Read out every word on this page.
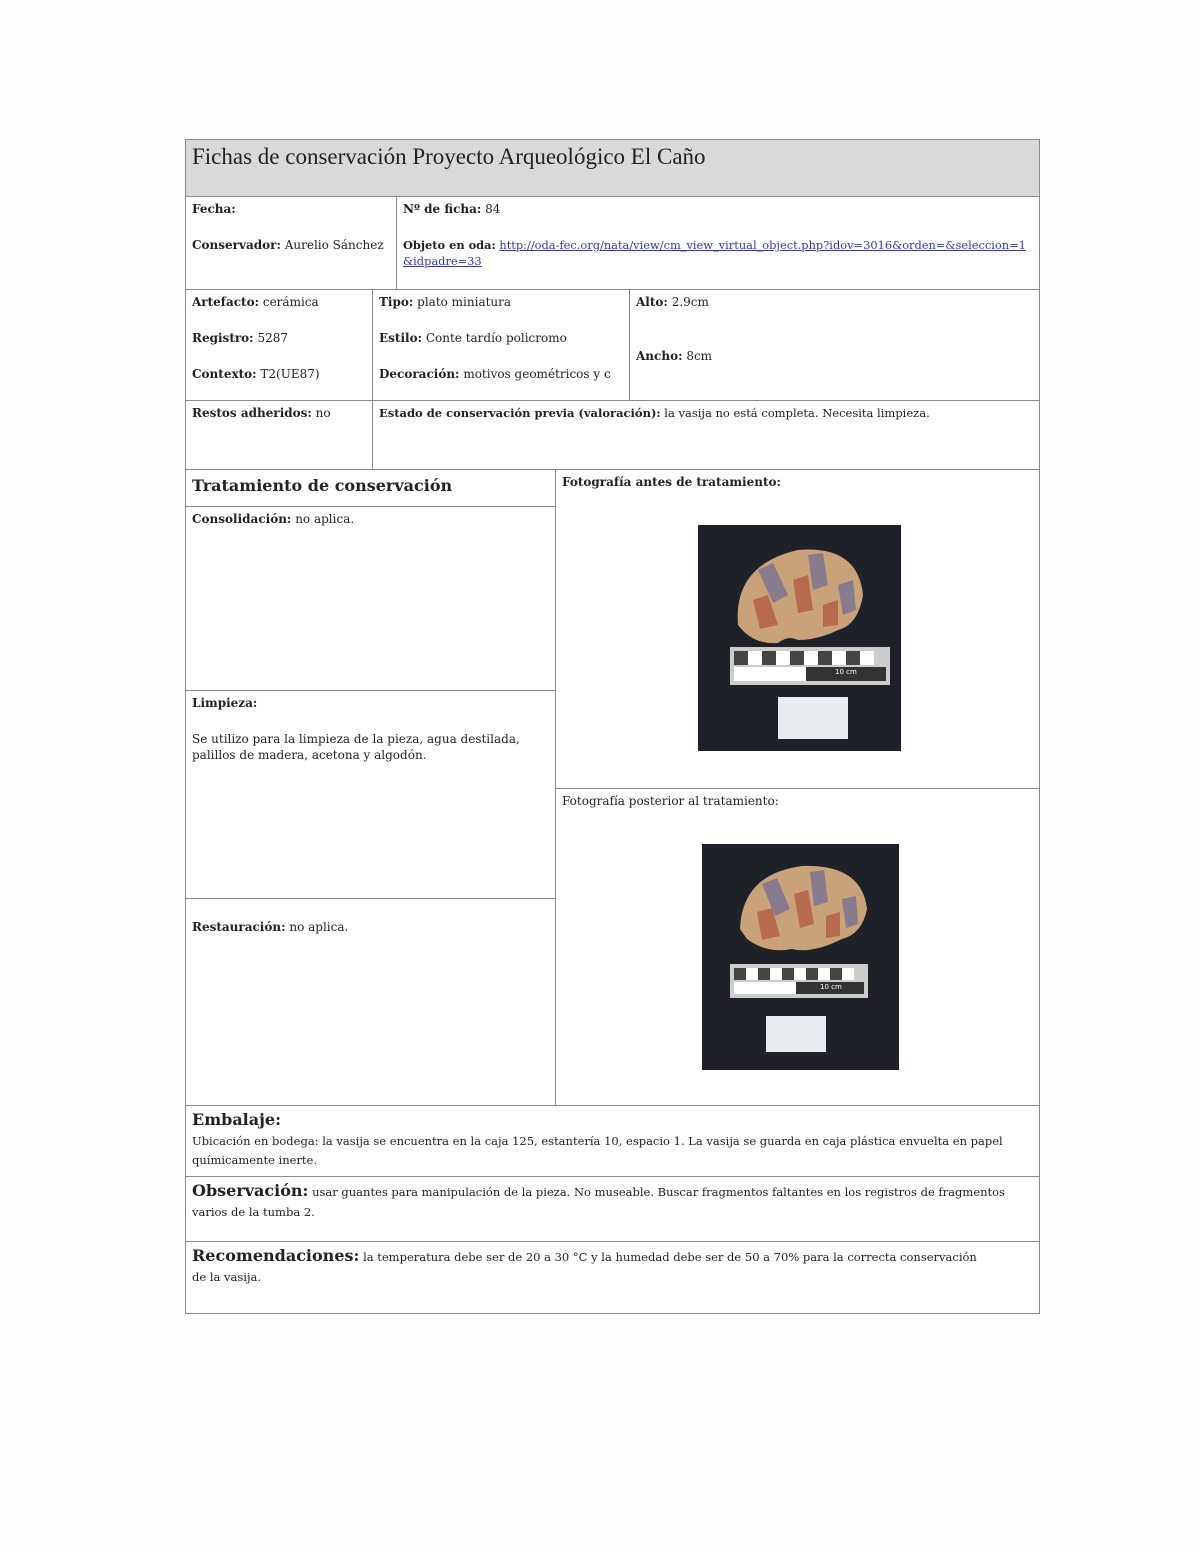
Fichas de conservación Proyecto Arqueológico El Caño
Fecha:
Conservador: Aurelio Sánchez
Nº de ficha: 84
Objeto en oda: http://oda-fec.org/nata/view/cm_view_virtual_object.php?idov=3016&orden=&seleccion=1&idpadre=33
Artefacto: cerámica
Registro: 5287
Contexto: T2(UE87)
Tipo: plato miniatura
Estilo: Conte tardío policromo
Decoración: motivos geométricos y c
Alto: 2.9cm
Ancho: 8cm
Restos adheridos: no	Estado de conservación previa (valoración): la vasija no está completa. Necesita limpieza.
Tratamiento de conservación
Consolidación: no aplica.
Limpieza:
Se utilizo para la limpieza de la pieza, agua destilada, palillos de madera, acetona y algodón.
Restauración: no aplica.
Fotografía antes de tratamiento:
10 cm
Fotografía posterior al tratamiento:
10 cm
Embalaje:
Ubicación en bodega: la vasija se encuentra en la caja 125, estantería 10, espacio 1. La vasija se guarda en caja plástica envuelta en papel químicamente inerte.
Observación: usar guantes para manipulación de la pieza. No museable. Buscar fragmentos faltantes en los registros de fragmentos varios de la tumba 2.
Recomendaciones: la temperatura debe ser de 20 a 30 °C y la humedad debe ser de 50 a 70% para la correcta conservación de la vasija.
